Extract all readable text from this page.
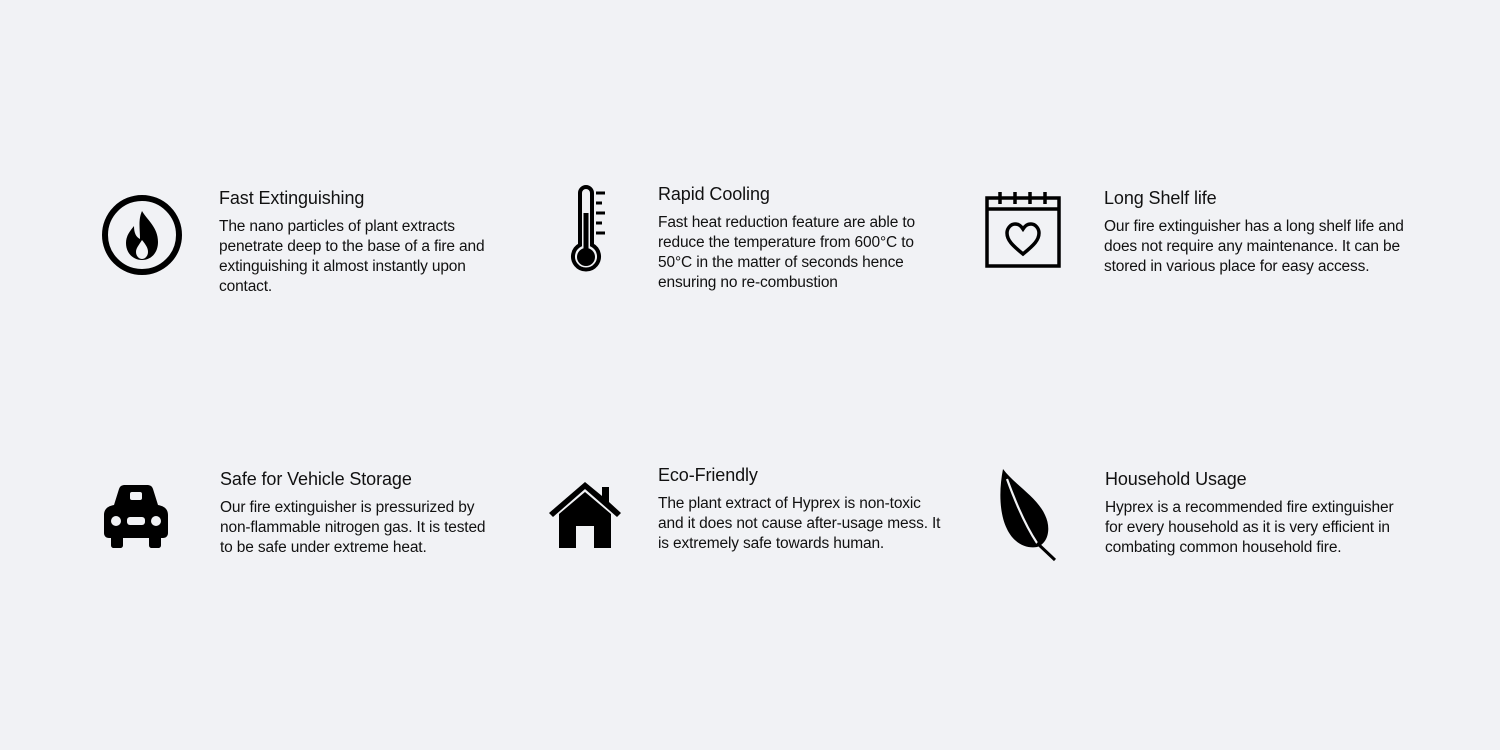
Fast Extinguishing

The nano particles of plant extracts penetrate deep to the base of a fire and extinguishing it almost instantly upon contact.

Rapid Cooling

Fast heat reduction feature are able to reduce the temperature from 600°C to 50°C in the matter of seconds hence ensuring no re-combustion

Long Shelf life

Our fire extinguisher has a long shelf life and does not require any maintenance. It can be stored in various place for easy access.

Safe for Vehicle Storage

Our fire extinguisher is pressurized by non-flammable nitrogen gas. It is tested to be safe under extreme heat.

Eco-Friendly

The plant extract of Hyprex is non-toxic and it does not cause after-usage mess. It is extremely safe towards human.

Household Usage

Hyprex is a recommended fire extinguisher for every household as it is very efficient in combating common household fire.
